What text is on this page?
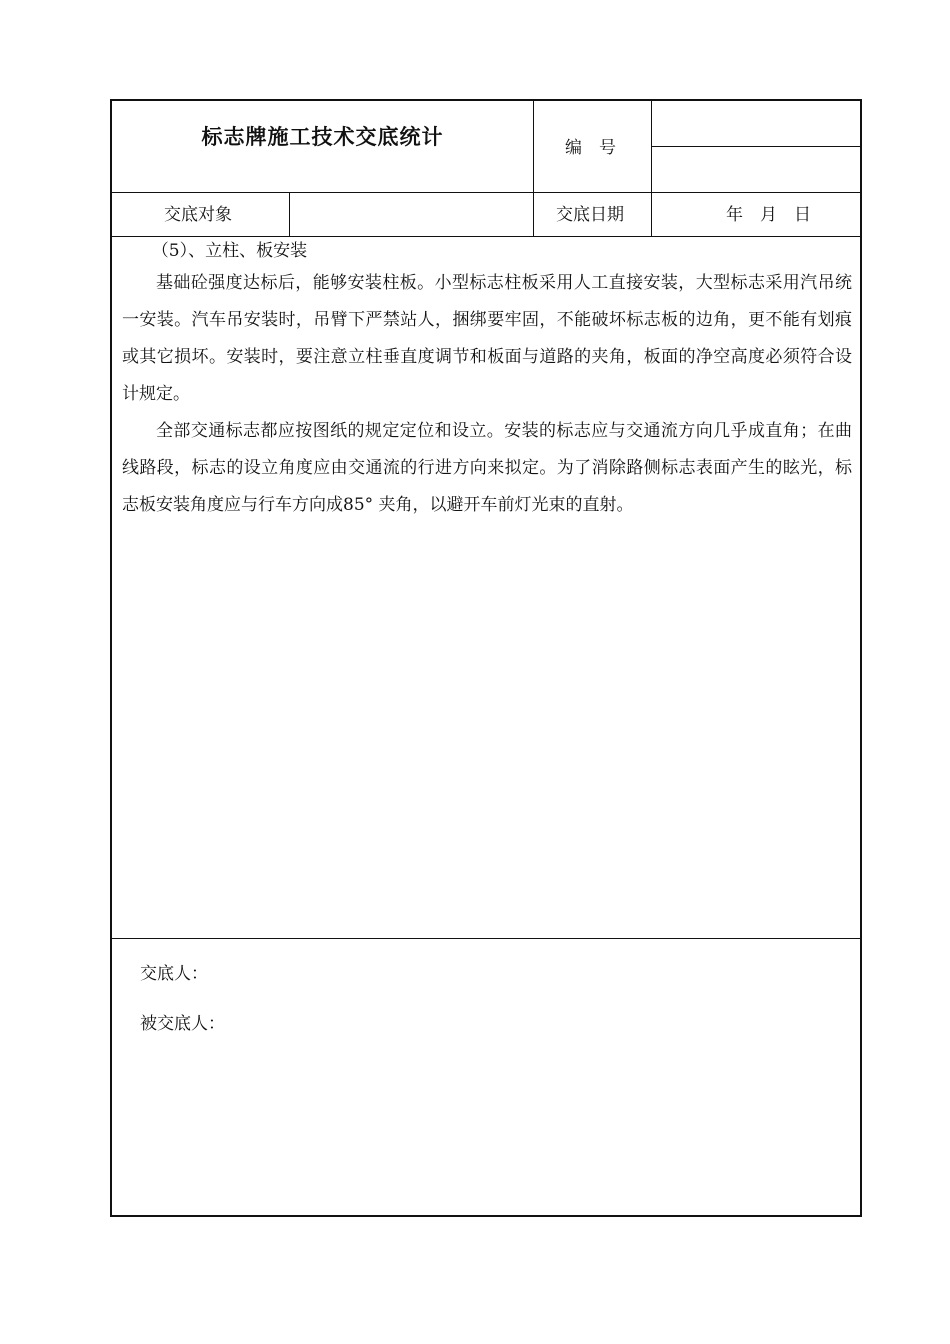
标志牌施工技术交底统计	编　号
交底对象	交底日期	年　月　日

（5）、立柱、板安装

基础砼强度达标后，能够安装柱板。小型标志柱板采用人工直接安装，大型标志采用汽吊统一安装。汽车吊安装时，吊臂下严禁站人，捆绑要牢固，不能破坏标志板的边角，更不能有划痕或其它损坏。安装时，要注意立柱垂直度调节和板面与道路的夹角，板面的净空高度必须符合设计规定。

全部交通标志都应按图纸的规定定位和设立。安装的标志应与交通流方向几乎成直角；在曲线路段，标志的设立角度应由交通流的行进方向来拟定。为了消除路侧标志表面产生的眩光，标志板安装角度应与行车方向成85° 夹角，以避开车前灯光束的直射。

交底人：
被交底人：
